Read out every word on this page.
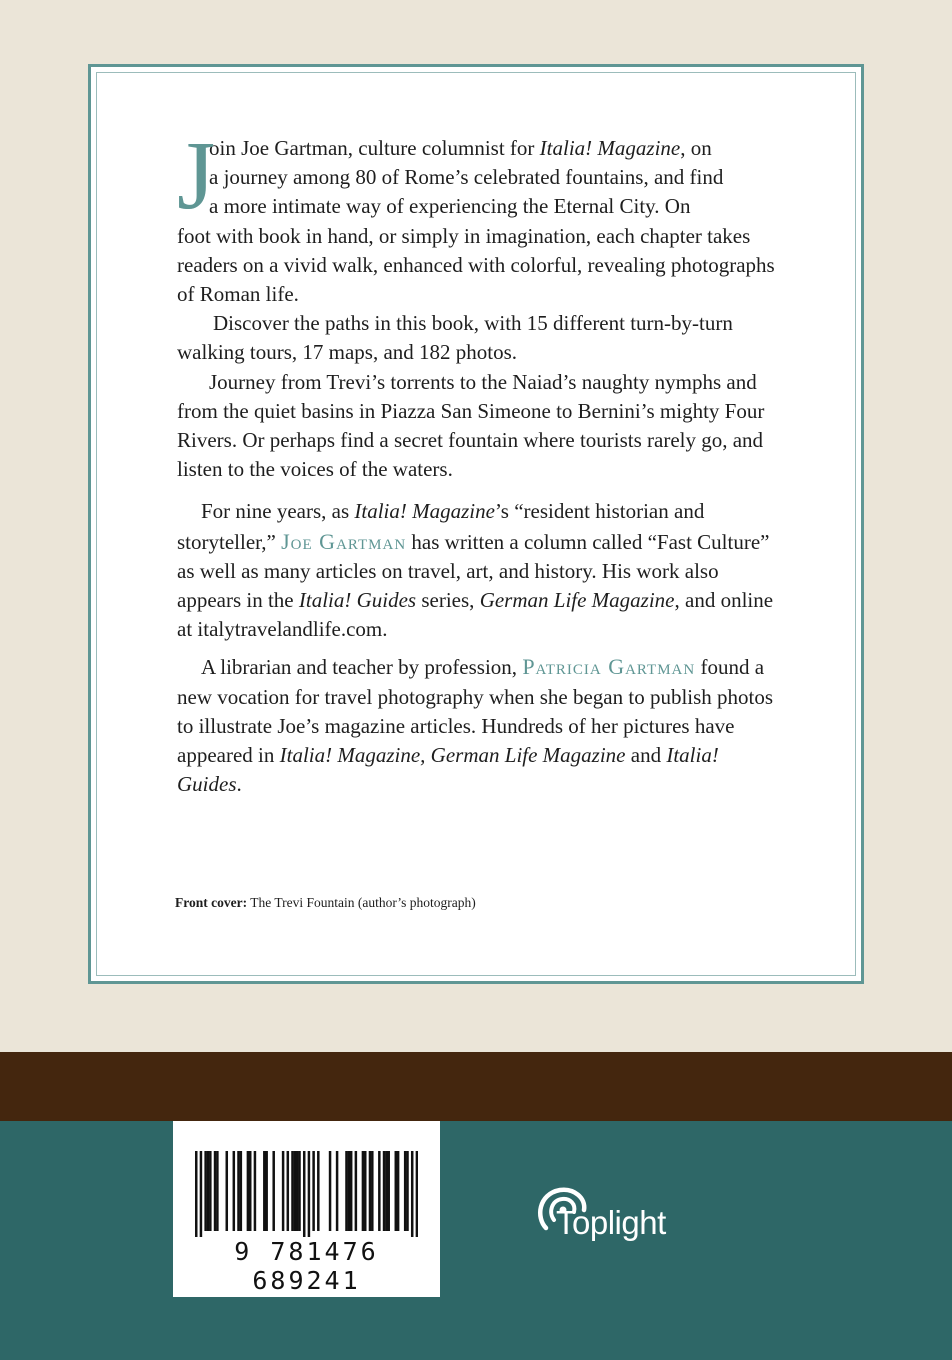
J
oin Joe Gartman, culture columnist for Italia! Magazine, on
a journey among 80 of Rome’s celebrated fountains, and find
a more intimate way of experiencing the Eternal City. On

foot with book in hand, or simply in imagination, each chapter takes readers on a vivid walk, enhanced with colorful, revealing photographs of Roman life.

Discover the paths in this book, with 15 different turn-by-turn walking tours, 17 maps, and 182 photos.

Journey from Trevi’s torrents to the Naiad’s naughty nymphs and from the quiet basins in Piazza San Simeone to Bernini’s mighty Four Rivers. Or perhaps find a secret fountain where tourists rarely go, and listen to the voices of the waters.

For nine years, as Italia! Magazine’s “resident historian and storyteller,” Joe Gartman has written a column called “Fast Culture” as well as many articles on travel, art, and history. His work also appears in the Italia! Guides series, German Life Magazine, and online at italytravelandlife.com.

A librarian and teacher by profession, Patricia Gartman found a new vocation for travel photography when she began to publish photos to illustrate Joe’s magazine articles. Hundreds of her pictures have appeared in Italia! Magazine, German Life Magazine and Italia! Guides.

Front cover: The Trevi Fountain (author’s photograph)
9 781476 689241
Toplight
